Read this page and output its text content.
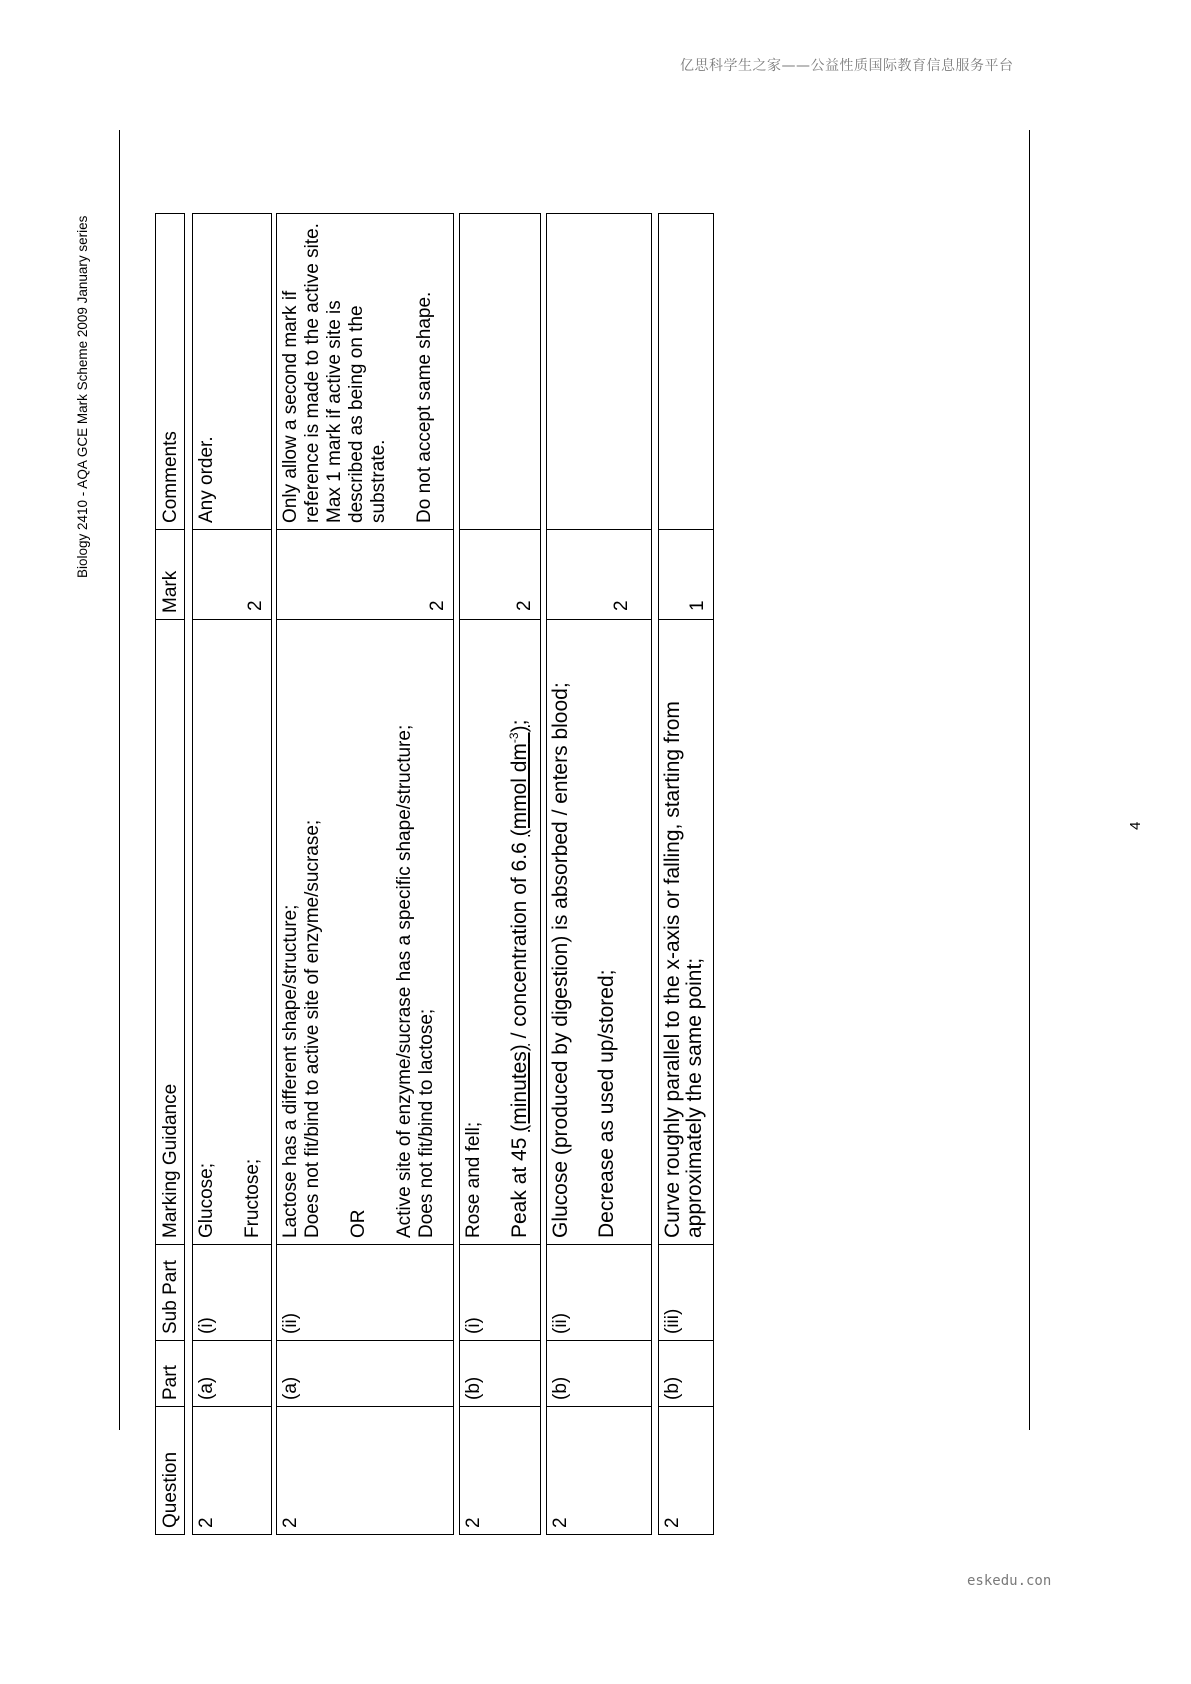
亿思科学生之家——公益性质国际教育信息服务平台
eskedu.con
4
Biology 2410 - AQA GCE Mark Scheme 2009 January series
Question
Part
Sub Part
Marking Guidance
Mark
Comments
2
(a)
(i)
Glucose; Fructose;
2
Any order.
2
(a)
(ii)
Lactose has a different shape/structure; Does not fit/bind to active site of enzyme/sucrase; OR Active site of enzyme/sucrase has a specific shape/structure; Does not fit/bind to lactose;
2
Only allow a second mark if reference is made to the active site. Max 1 mark if active site is described as being on the substrate. Do not accept same shape.
2
(b)
(i)
Rose and fell; Peak at 45 (minutes) / concentration of 6.6 (mmol $dm^{-3}$);
2
2
(b)
(ii)
Glucose (produced by digestion) is absorbed / enters blood; Decrease as used up/stored;
2
2
(b)
(iii)
Curve roughly parallel to the x-axis or falling, starting from approximately the same point;
1
